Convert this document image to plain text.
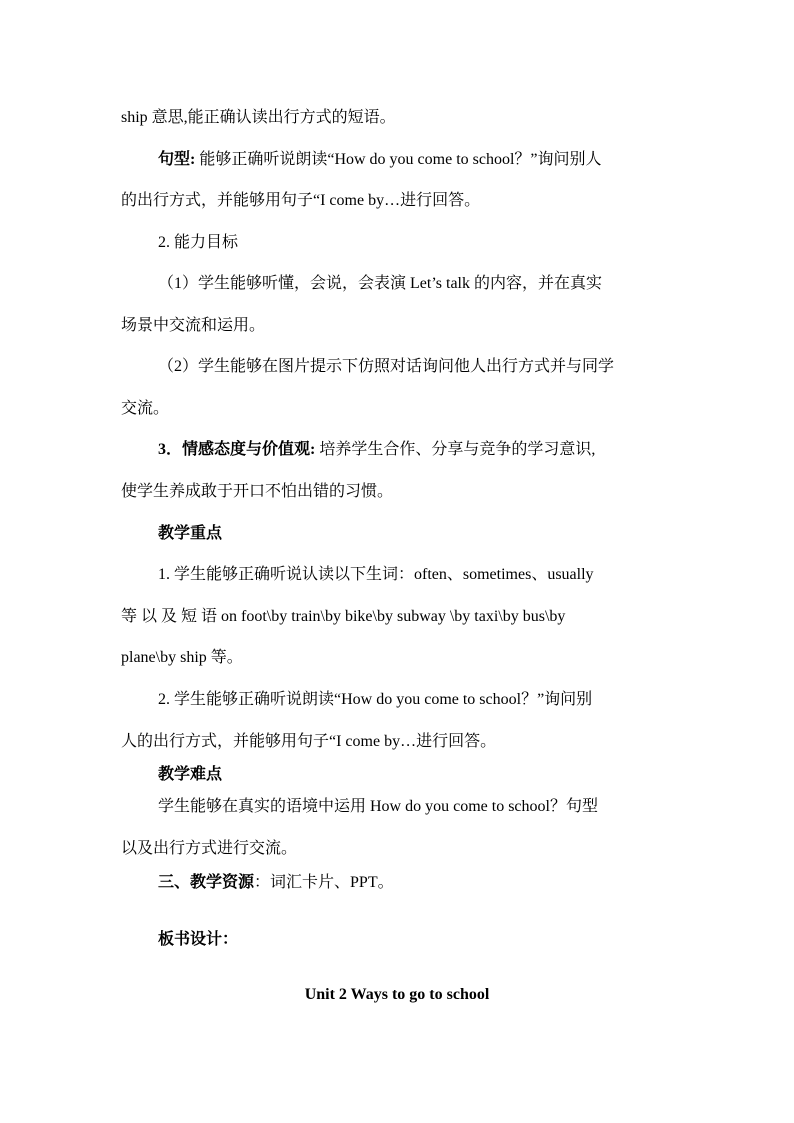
ship 意思,能正确认读出行方式的短语。
句型: 能够正确听说朗读“How do you come to school？”询问别人
的出行方式，并能够用句子“I come by…进行回答。
2. 能力目标
（1）学生能够听懂，会说，会表演 Let’s talk 的内容，并在真实
场景中交流和运用。
（2）学生能够在图片提示下仿照对话询问他人出行方式并与同学
交流。
3．情感态度与价值观: 培养学生合作、分享与竞争的学习意识,
使学生养成敢于开口不怕出错的习惯。
教学重点
1. 学生能够正确听说认读以下生词：often、sometimes、usually
等 以 及 短 语 on foot\by train\by bike\by subway \by taxi\by bus\by
plane\by ship 等。
2. 学生能够正确听说朗读“How do you come to school？”询问别
人的出行方式，并能够用句子“I come by…进行回答。
教学难点
学生能够在真实的语境中运用 How do you come to school？句型
以及出行方式进行交流。
三、教学资源：词汇卡片、PPT。
板书设计：
Unit 2 Ways to go to school
